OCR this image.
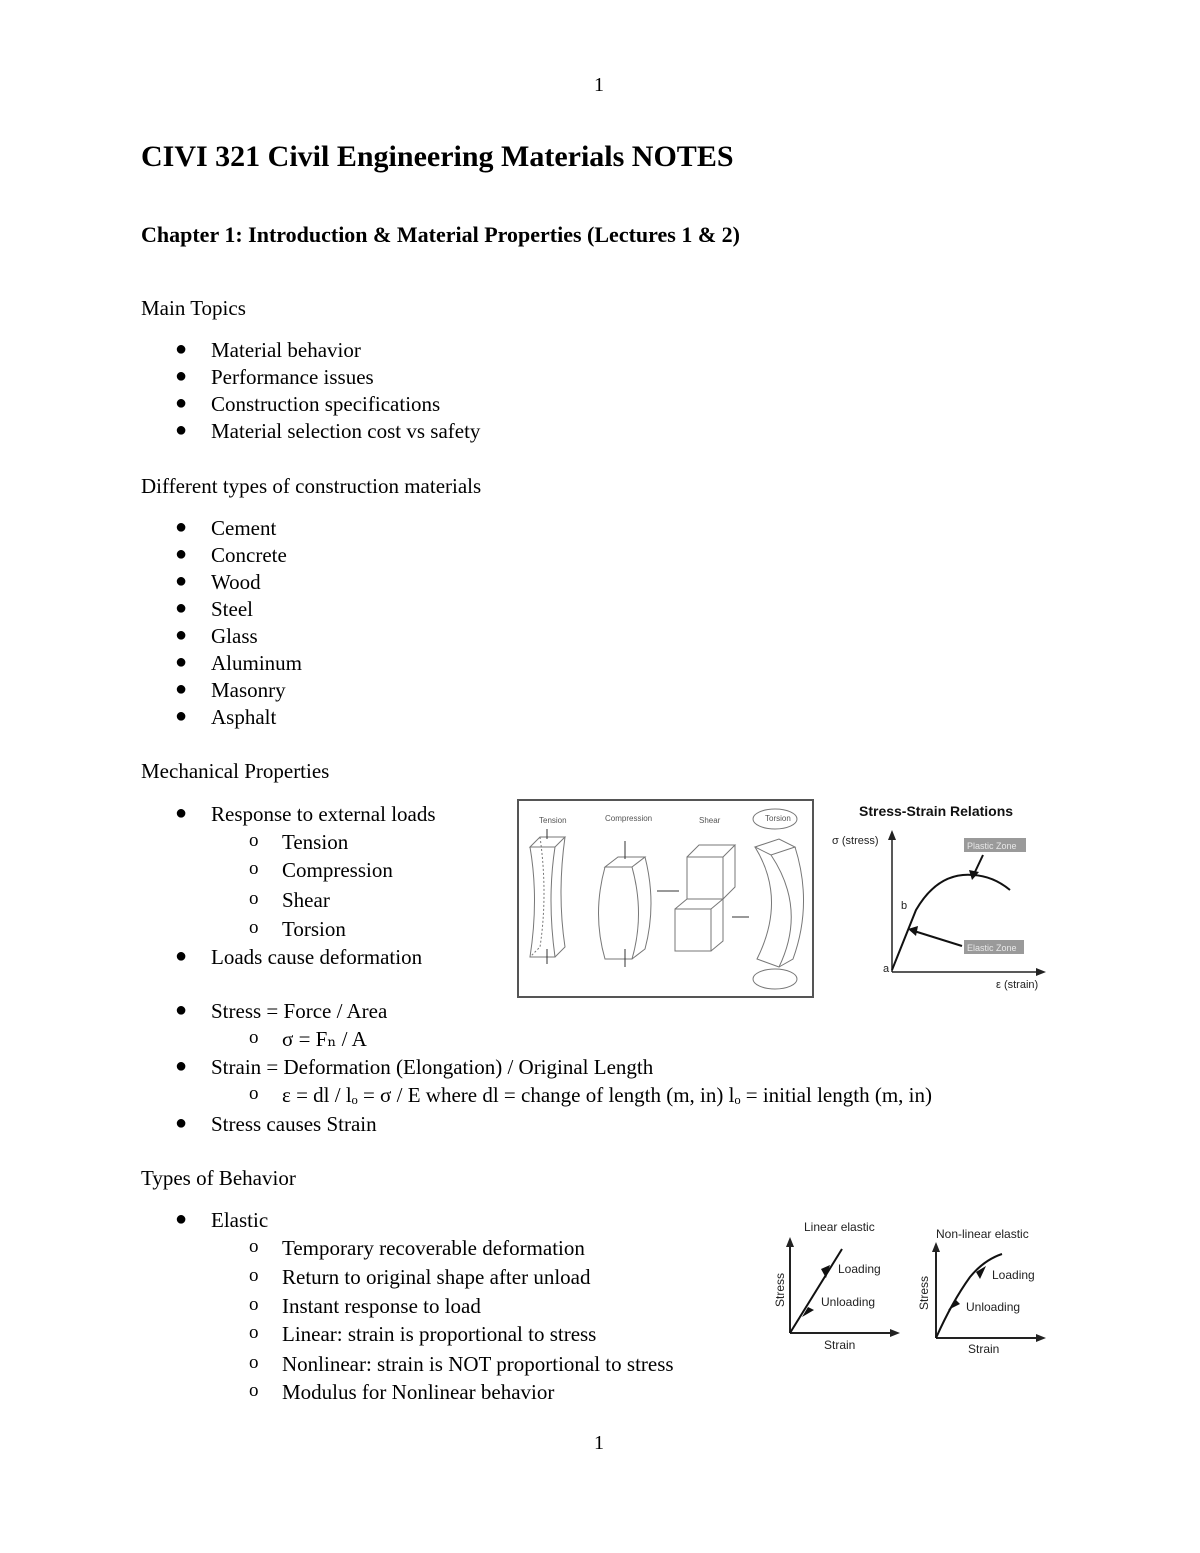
1
1
CIVI 321 Civil Engineering Materials NOTES
Chapter 1: Introduction & Material Properties (Lectures 1 & 2)
Main Topics
● Material behavior
● Performance issues
● Construction specifications
● Material selection cost vs safety
Different types of construction materials
● Cement
● Concrete
● Wood
● Steel
● Glass
● Aluminum
● Masonry
● Asphalt
Mechanical Properties
● Response to external loads
o Tension
o Compression
o Shear
o Torsion
● Loads cause deformation
● Stress = Force / Area
o σ = Fₙ / A
● Strain = Deformation (Elongation) / Original Length
o ε = dl / lₒ = σ / E where dl = change of length (m, in) lₒ = initial length (m, in)
● Stress causes Strain
Types of Behavior
● Elastic
o Temporary recoverable deformation
o Return to original shape after unload
o Instant response to load
o Linear: strain is proportional to stress
o Nonlinear: strain is NOT proportional to stress
o Modulus for Nonlinear behavior
Tension	Compression	Shear	Torsion	Stress-Strain Relations
σ (stress)
ε (strain)
a
b
Plastic Zone
Elastic Zone
Linear elastic
Loading
Unloading
Strain
Stress
Non-linear elastic
Loading
Unloading
Strain
Stress
